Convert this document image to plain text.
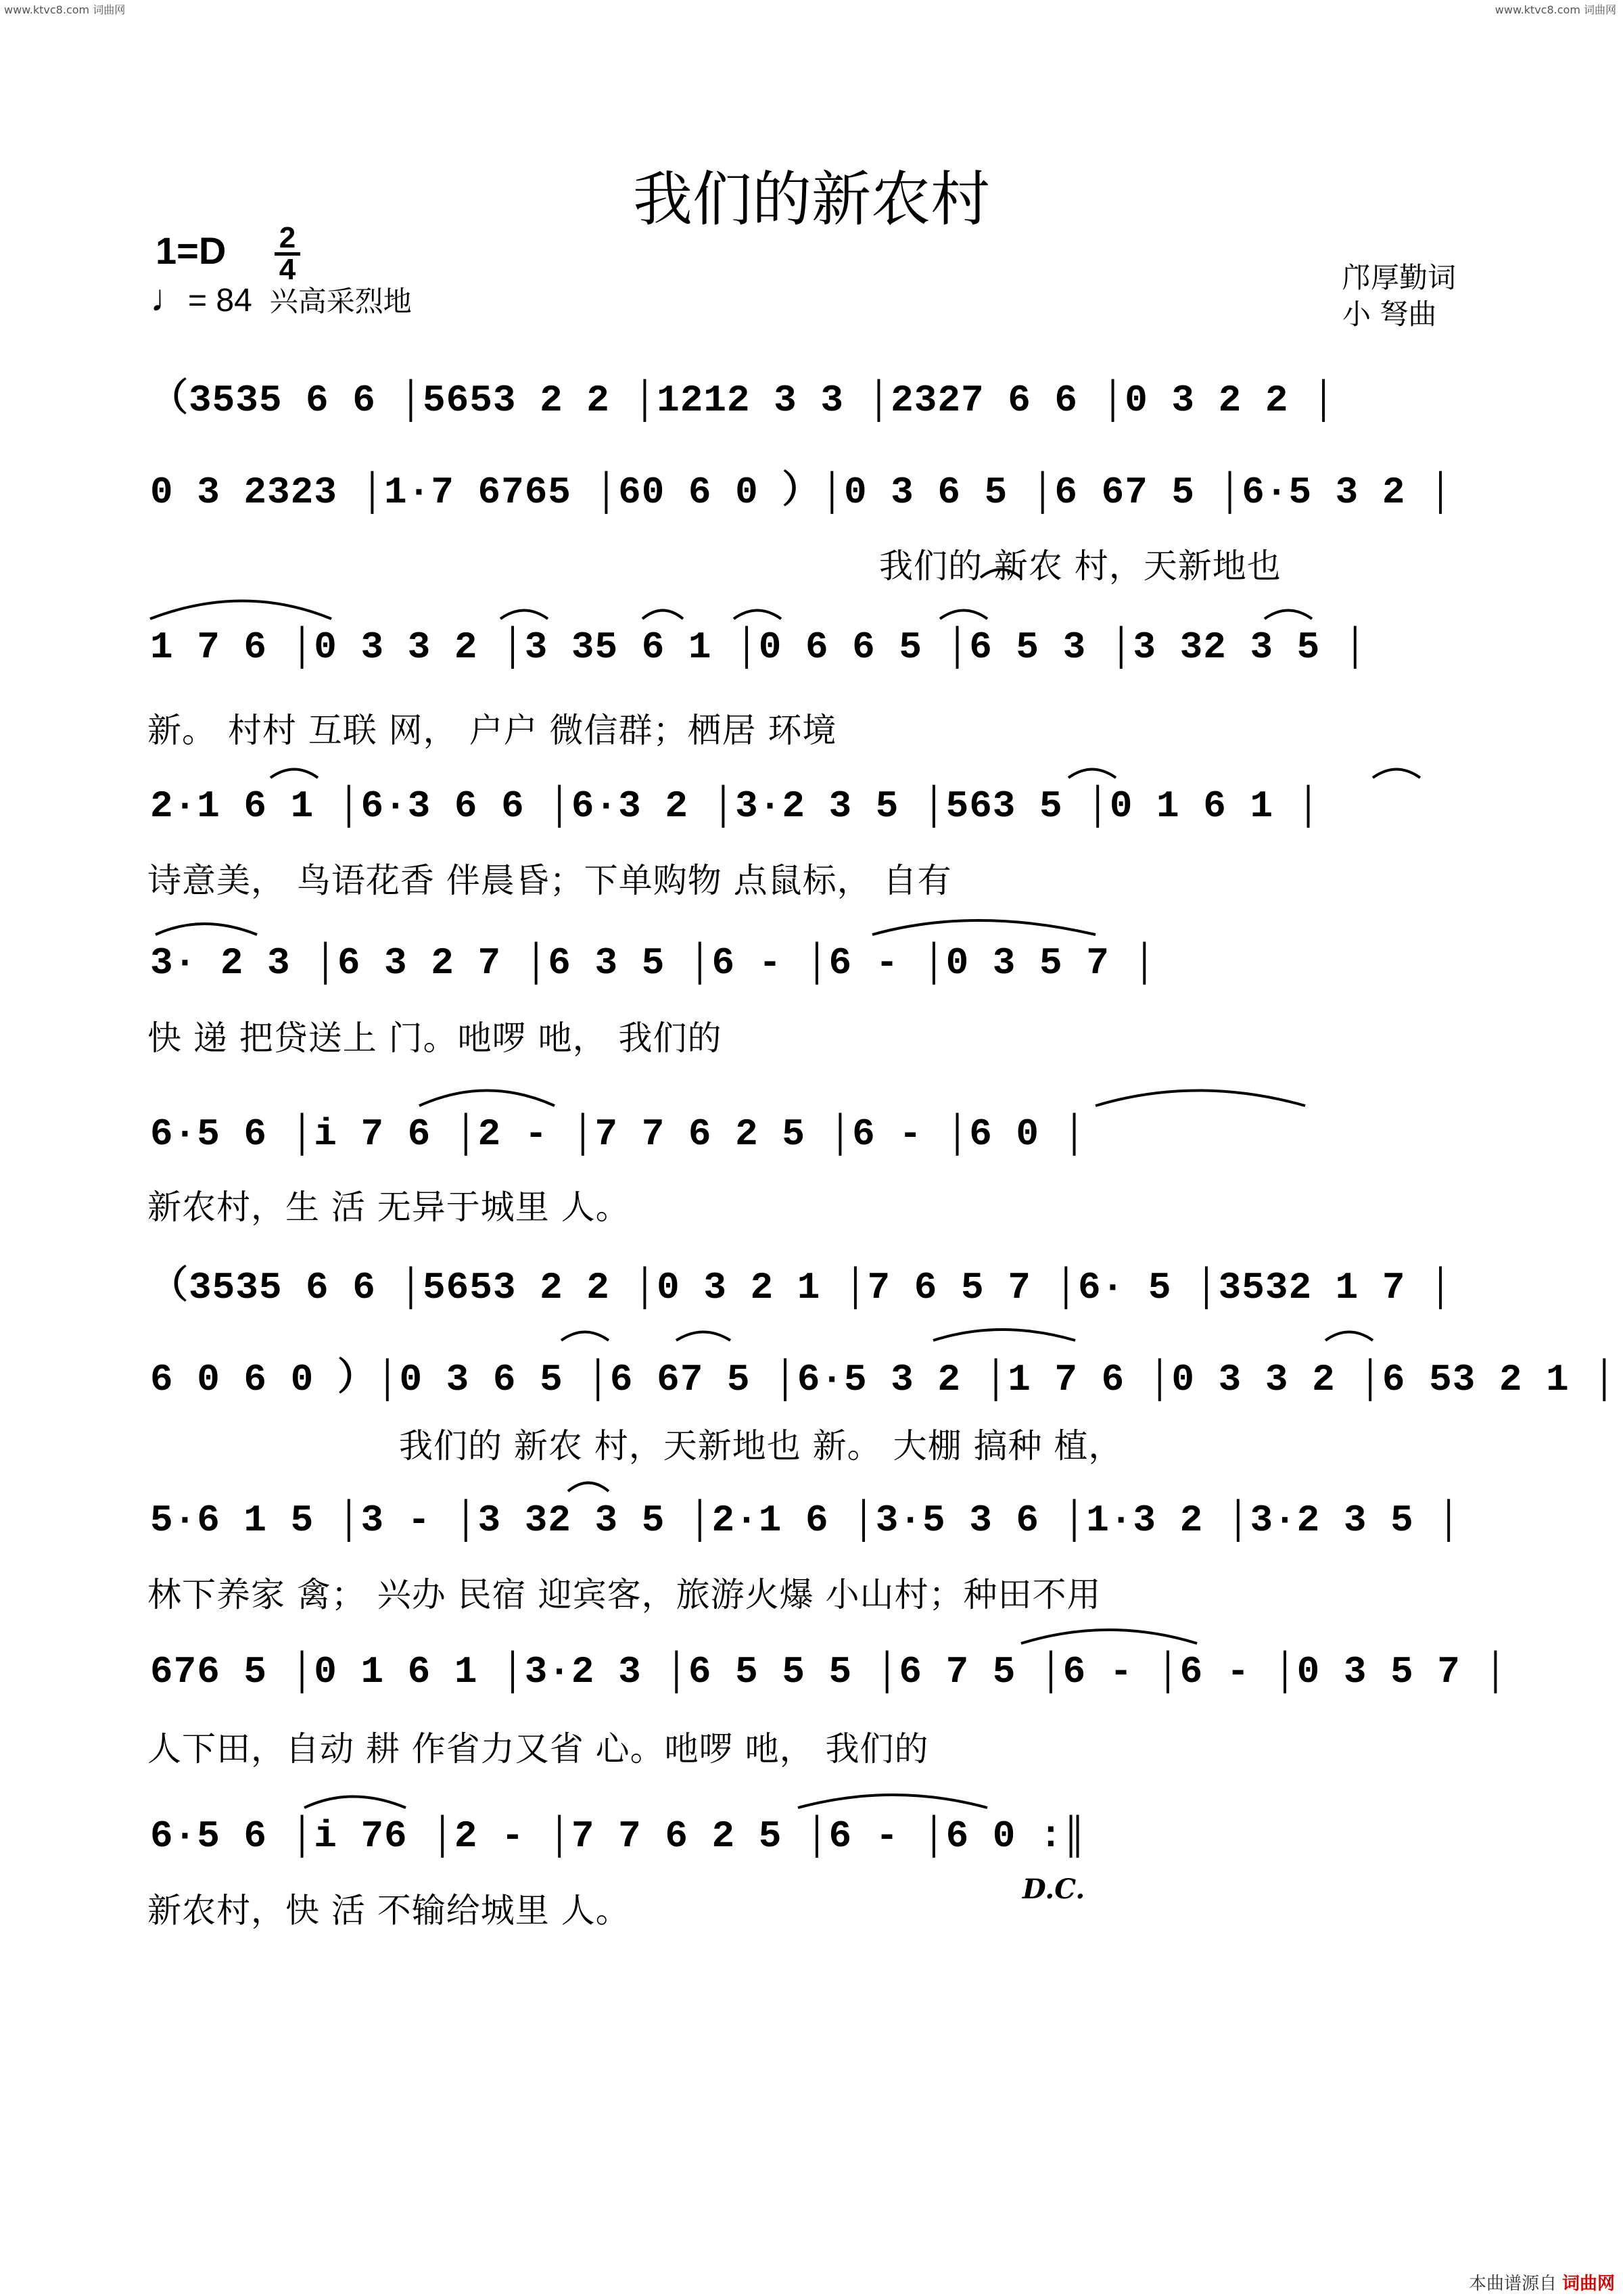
www.ktvc8.com 词曲网	www.ktvc8.com 词曲网
我们的新农村
1=D 2
4
♩= 84 兴高采烈地
邝厚勤词
小 弩曲
（3535 6 6 │5653 2 2 │1212 3 3 │2327 6 6 │0 3 2 2 │
0 3 2323 │1·7 6765 │60 6 0 ）│0 3 6 5 │6 67 5 │6·5 3 2 │
我们的 新农 村，天新地也
1 7 6 │0 3 3 2 │3 35 6 1 │0 6 6 5 │6 5 3 │3 32 3 5 │
新。 村村 互联 网， 户户 微信群；栖居 环境
2·1 6 1 │6·3 6 6 │6·3 2 │3·2 3 5 │563 5 │0 1 6 1 │
诗意美， 鸟语花香 伴晨昏；下单购物 点鼠标， 自有
3· 2 3 │6 3 2 7 │6 3 5 │6 - │6 - │0 3 5 7 │
快 递 把贷送上 门。吔啰 吔， 我们的
6·5 6 │i 7 6 │2 - │7 7 6 2 5 │6 - │6 0 │
新农村，生 活 无异于城里 人。
（3535 6 6 │5653 2 2 │0 3 2 1 │7 6 5 7 │6· 5 │3532 1 7 │
6 0 6 0 ）│0 3 6 5 │6 67 5 │6·5 3 2 │1 7 6 │0 3 3 2 │6 53 2 1 │
我们的 新农 村，天新地也 新。 大棚 搞种 植，
5·6 1 5 │3 - │3 32 3 5 │2·1 6 │3·5 3 6 │1·3 2 │3·2 3 5 │
林下养家 禽； 兴办 民宿 迎宾客，旅游火爆 小山村；种田不用
676 5 │0 1 6 1 │3·2 3 │6 5 5 5 │6 7 5 │6 - │6 - │0 3 5 7 │
人下田，自动 耕 作省力又省 心。吔啰 吔， 我们的
6·5 6 │i 76 │2 - │7 7 6 2 5 │6 - │6 0 :║
新农村，快 活 不输给城里 人。
D.C.
本曲谱源自 词曲网
